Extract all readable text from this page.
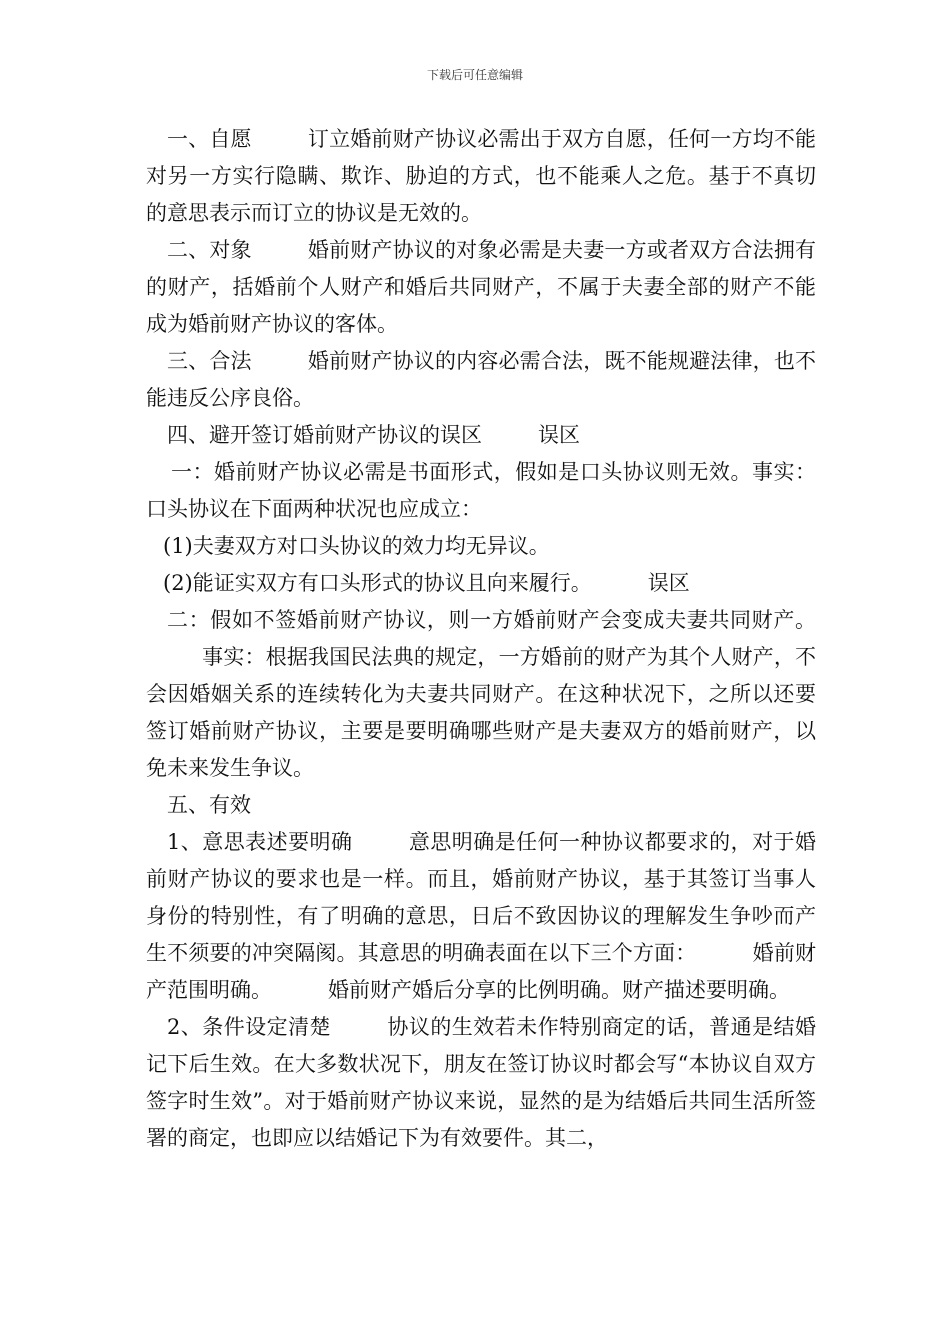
下载后可任意编辑

一、自愿	订立婚前财产协议必需出于双方自愿，任何一方均不能对另一方实行隐瞒、欺诈、胁迫的方式，也不能乘人之危。基于不真切的意思表示而订立的协议是无效的。

二、对象	婚前财产协议的对象必需是夫妻一方或者双方合法拥有的财产，括婚前个人财产和婚后共同财产，不属于夫妻全部的财产不能成为婚前财产协议的客体。

三、合法	婚前财产协议的内容必需合法，既不能规避法律，也不能违反公序良俗。

四、避开签订婚前财产协议的误区	误区

一：婚前财产协议必需是书面形式，假如是口头协议则无效。事实：口头协议在下面两种状况也应成立：

(1)夫妻双方对口头协议的效力均无异议。

(2)能证实双方有口头形式的协议且向来履行。	误区

二：假如不签婚前财产协议，则一方婚前财产会变成夫妻共同财产。事实：根据我国民法典的规定，一方婚前的财产为其个人财产，不会因婚姻关系的连续转化为夫妻共同财产。在这种状况下，之所以还要签订婚前财产协议，主要是要明确哪些财产是夫妻双方的婚前财产，以免未来发生争议。

五、有效

1、意思表述要明确	意思明确是任何一种协议都要求的，对于婚前财产协议的要求也是一样。而且，婚前财产协议，基于其签订当事人身份的特别性，有了明确的意思，日后不致因协议的理解发生争吵而产生不须要的冲突隔阂。其意思的明确表面在以下三个方面：	婚前财产范围明确。	婚前财产婚后分享的比例明确。财产描述要明确。

2、条件设定清楚	协议的生效若未作特别商定的话，普通是结婚记下后生效。在大多数状况下，朋友在签订协议时都会写“本协议自双方签字时生效”。对于婚前财产协议来说，显然的是为结婚后共同生活所签署的商定，也即应以结婚记下为有效要件。其二，
